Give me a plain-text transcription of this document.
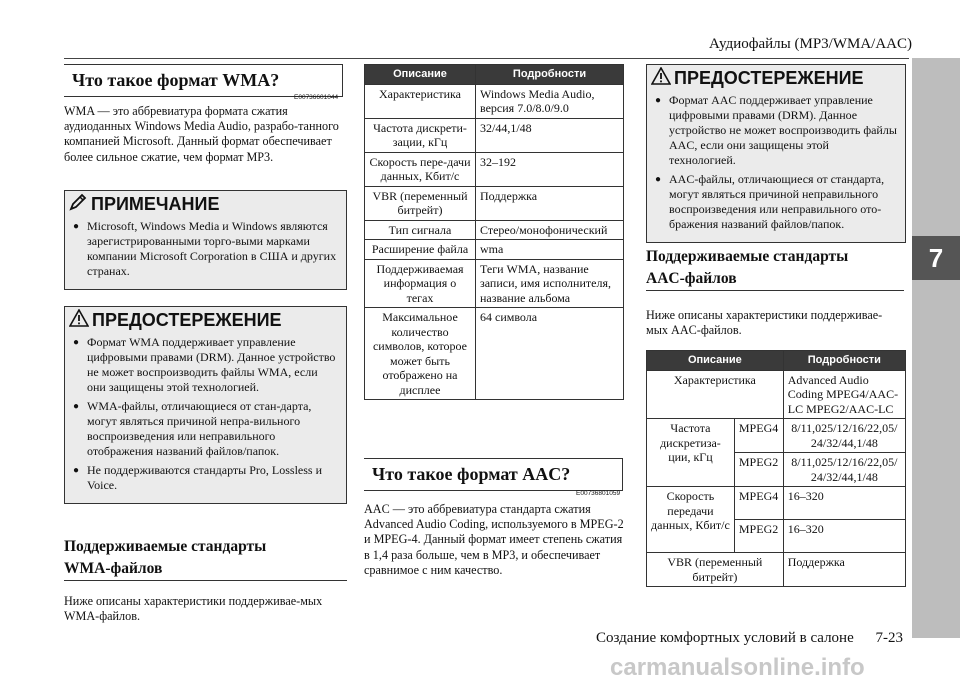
Аудиофайлы (MP3/WMA/AAC)
7
Что такое формат WMA?
E00736601044
WMA — это аббревиатура формата сжатия аудиоданных Windows Media Audio, разрабо-танного компанией Microsoft. Данный формат обеспечивает более сильное сжатие, чем формат MP3.
ПРИМЕЧАНИЕ
● Microsoft, Windows Media и Windows являются зарегистрированными торго-выми марками компании Microsoft Corporation в США и других странах.
ПРЕДОСТЕРЕЖЕНИЕ
● Формат WMA поддерживает управление цифровыми правами (DRM). Данное устройство не может воспроизводить файлы WMA, если они защищены этой технологией.
● WMA-файлы, отличающиеся от стан-дарта, могут являться причиной непра-вильного воспроизведения или неправильного отображения названий файлов/папок.
● Не поддерживаются стандарты Pro, Lossless и Voice.
Поддерживаемые стандарты
WMA-файлов
Ниже описаны характеристики поддерживае-мых WMA-файлов.
Описание	Подробности
Характеристика	Windows Media Audio, версия 7.0/8.0/9.0
Частота дискрети-зации, кГц	32/44,1/48
Скорость пере-дачи данных, Кбит/с	32–192
VBR (переменный битрейт)	Поддержка
Тип сигнала	Стерео/монофонический
Расширение файла	wma
Поддерживаемая информация о тегах	Теги WMA, название записи, имя исполнителя, название альбома
Максимальное количество символов, которое может быть отображено на дисплее	64 символа
Что такое формат AAC?
E00736801059
AAC — это аббревиатура стандарта сжатия Advanced Audio Coding, используемого в MPEG-2 и MPEG-4. Данный формат имеет степень сжатия в 1,4 раза больше, чем в MP3, и обеспечивает сравнимое с ним качество.
ПРЕДОСТЕРЕЖЕНИЕ
● Формат AAC поддерживает управление цифровыми правами (DRM). Данное устройство не может воспроизводить файлы AAC, если они защищены этой технологией.
● AAC-файлы, отличающиеся от стандарта, могут являться причиной неправильного воспроизведения или неправильного ото-бражения названий файлов/папок.
Поддерживаемые стандарты
AAC-файлов
Ниже описаны характеристики поддерживае-мых AAC-файлов.
Описание		Подробности
Характеристика		Advanced Audio Coding MPEG4/AAC-LC MPEG2/AAC-LC
Частота дискретиза-ции, кГц	MPEG4	8/11,025/12/16/22,05/ 24/32/44,1/48
	MPEG2	8/11,025/12/16/22,05/ 24/32/44,1/48
Скорость передачи данных, Кбит/с	MPEG4	16–320
	MPEG2	16–320
VBR (переменный битрейт)		Поддержка
Создание комфортных условий в салоне 7-23
carmanualsonline.info
